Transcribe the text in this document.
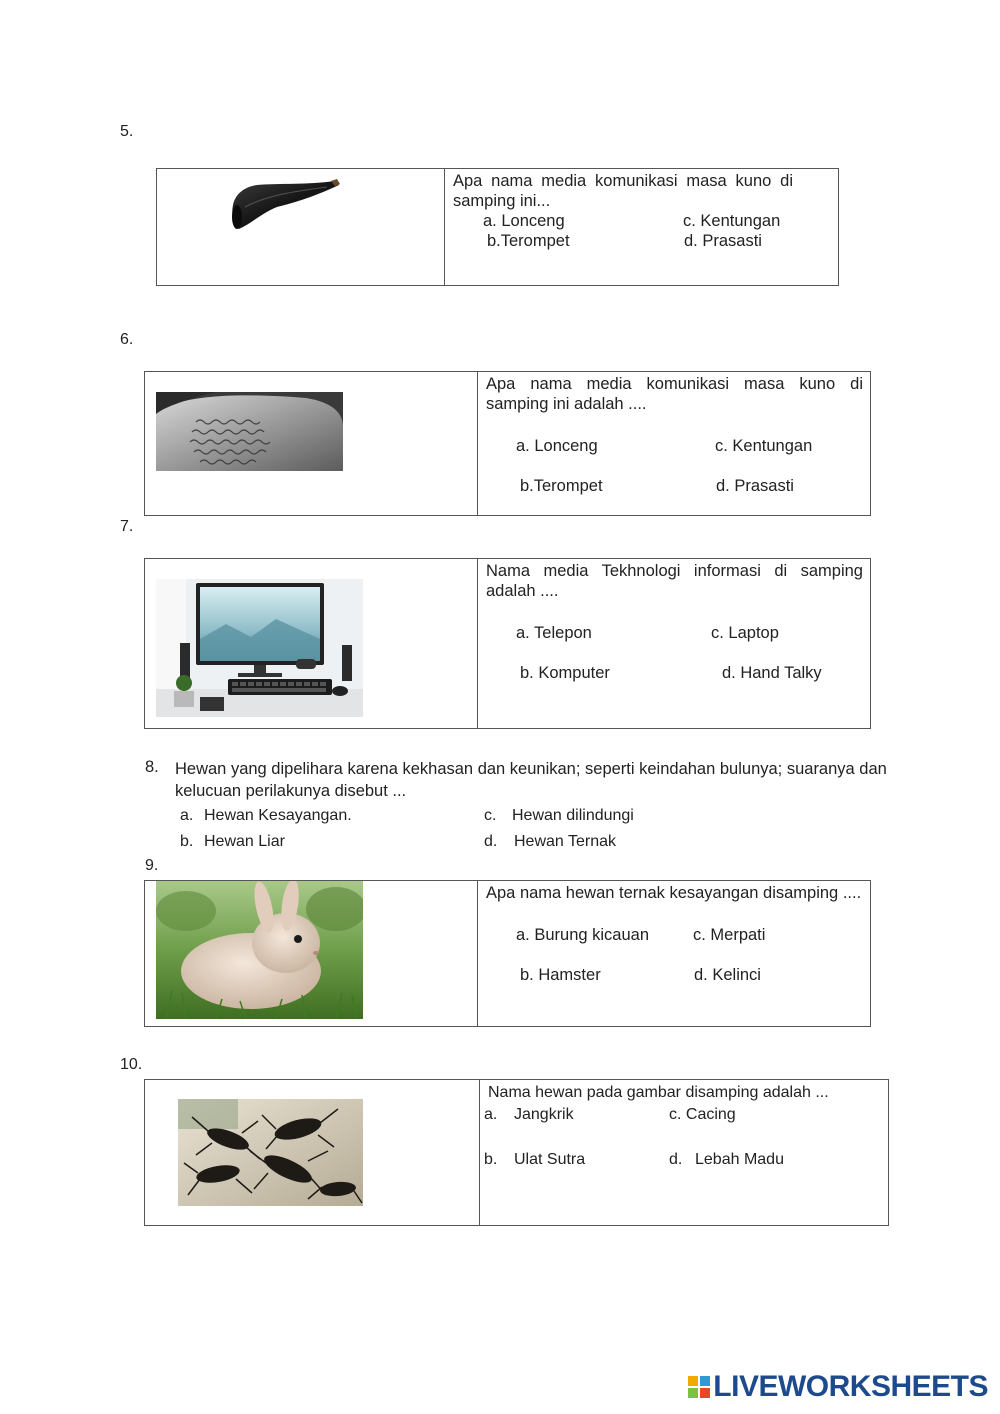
5.
Apa nama media komunikasi masa kuno di samping ini...
a. Lonceng
b.Terompet
c. Kentungan
d. Prasasti
6.
Apa nama media komunikasi masa kuno di samping ini adalah ....
a. Lonceng
b.Terompet
c. Kentungan
d. Prasasti
7.
Nama media Tekhnologi informasi di samping adalah ....
a. Telepon
b. Komputer
c. Laptop
d. Hand Talky
8. Hewan yang dipelihara karena kekhasan dan keunikan; seperti keindahan bulunya; suaranya dan kelucuan perilakunya disebut ...
a. Hewan Kesayangan.
b. Hewan Liar
c. Hewan dilindungi
d. Hewan Ternak
9.
Apa nama hewan ternak kesayangan disamping ....
a. Burung kicauan
b. Hamster
c. Merpati
d. Kelinci
10.
Nama hewan pada gambar disamping adalah ...
a. Jangkrik	c. Cacing
b. Ulat Sutra	d. Lebah Madu
LIVEWORKSHEETS
